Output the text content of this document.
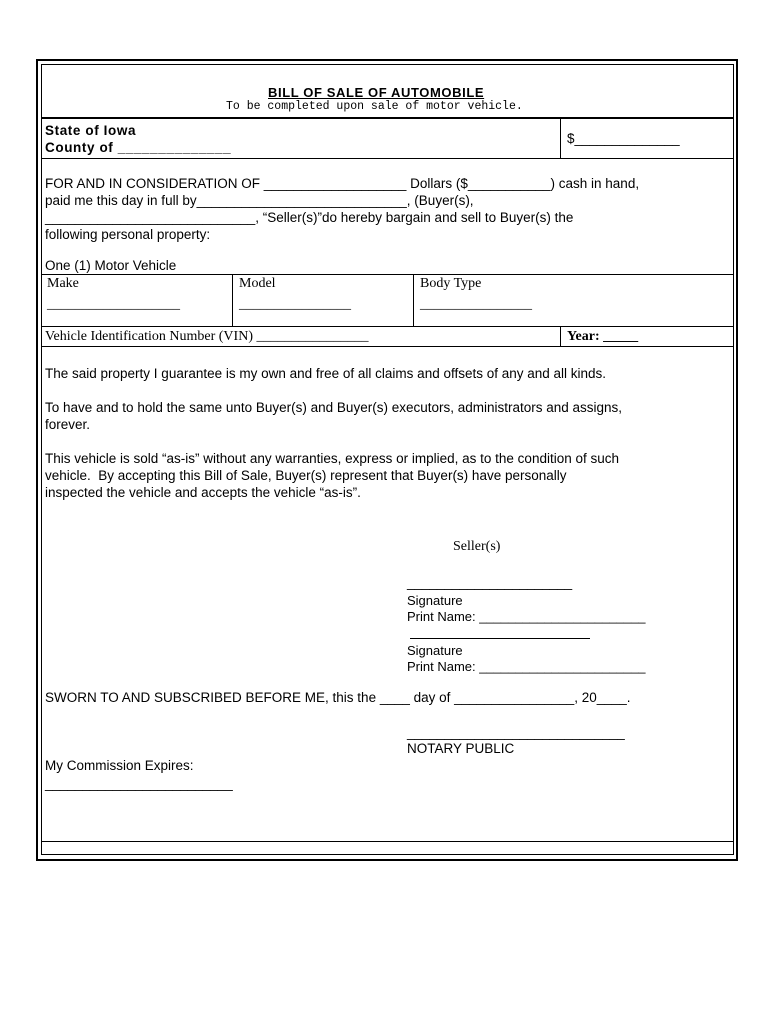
BILL OF SALE OF AUTOMOBILE
To be completed upon sale of motor vehicle.
State of Iowa
County of ______________
$______________
FOR AND IN CONSIDERATION OF ___________________ Dollars ($___________) cash in hand,
paid me this day in full by____________________________, (Buyer(s),
____________________________, “Seller(s)”do hereby bargain and sell to Buyer(s) the
following personal property:
One (1) Motor Vehicle
Make
___________________
Model
________________
Body Type
________________
Vehicle Identification Number (VIN) ________________	Year: _____
The said property I guarantee is my own and free of all claims and offsets of any and all kinds.
To have and to hold the same unto Buyer(s) and Buyer(s) executors, administrators and assigns,
forever.
This vehicle is sold “as-is” without any warranties, express or implied, as to the condition of such
vehicle.  By accepting this Bill of Sale, Buyer(s) represent that Buyer(s) have personally
inspected the vehicle and accepts the vehicle “as-is”.
Seller(s)
______________________
Signature
Print Name: _______________________
Signature
Print Name: _______________________
SWORN TO AND SUBSCRIBED BEFORE ME, this the ____ day of ________________, 20____.
_____________________________
NOTARY PUBLIC
My Commission Expires:
_________________________
